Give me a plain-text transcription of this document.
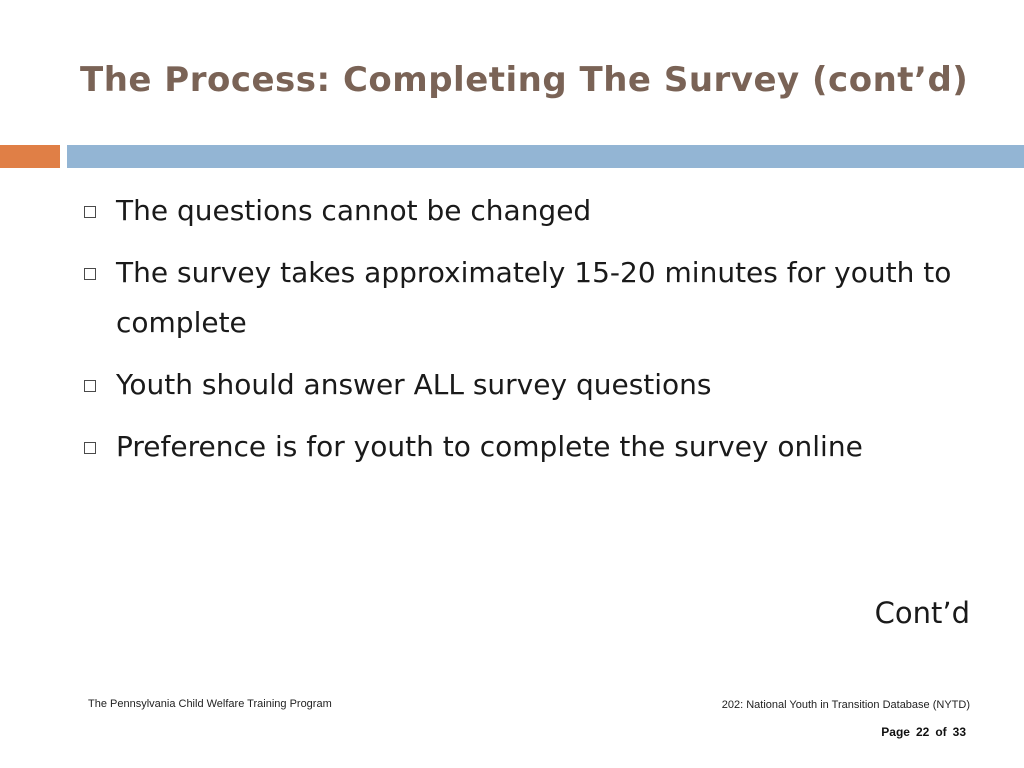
The Process: Completing The Survey (cont’d)
The questions cannot be changed
The survey takes approximately 15-20 minutes for youth to complete
Youth should answer ALL survey questions
Preference is for youth to complete the survey online
Cont’d
The Pennsylvania Child Welfare Training Program	202: National Youth in Transition Database (NYTD)
Page 22 of 33
